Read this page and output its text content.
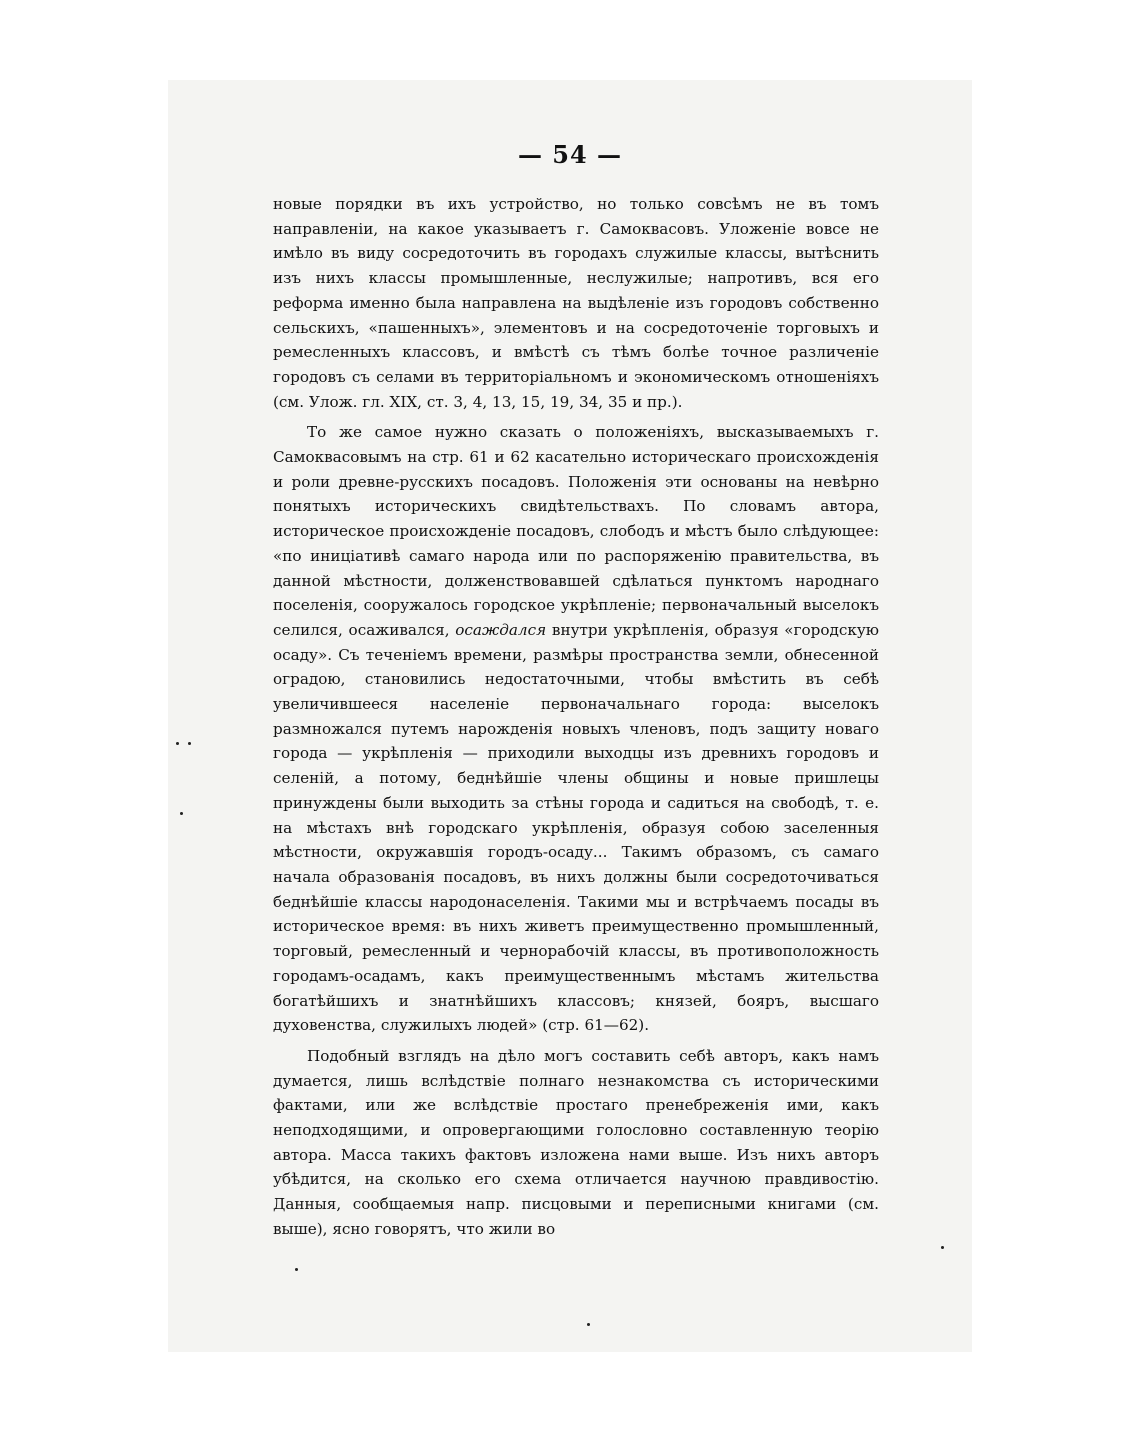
— 54 —

новые порядки въ ихъ устройство, но только совсѣмъ не въ томъ направленіи, на какое указываетъ г. Самоквасовъ. Уложеніе вовсе не имѣло въ виду сосредоточить въ городахъ служилые классы, вытѣснить изъ нихъ классы промышленные, неслужилые; напротивъ, вся его реформа именно была направлена на выдѣленіе изъ городовъ собственно сельскихъ, «пашенныхъ», элементовъ и на сосредоточеніе торговыхъ и ремесленныхъ классовъ, и вмѣстѣ съ тѣмъ болѣе точное различеніе городовъ съ селами въ территоріальномъ и экономическомъ отношеніяхъ (см. Улож. гл. XIX, ст. 3, 4, 13, 15, 19, 34, 35 и пр.).

То же самое нужно сказать о положеніяхъ, высказываемыхъ г. Самоквасовымъ на стр. 61 и 62 касательно историческаго происхожденія и роли древне-русскихъ посадовъ. Положенія эти основаны на невѣрно понятыхъ историческихъ свидѣтельствахъ. По словамъ автора, историческое происхожденіе посадовъ, слободъ и мѣстъ было слѣдующее: «по иниціативѣ самаго народа или по распоряженію правительства, въ данной мѣстности, долженствовавшей сдѣлаться пунктомъ народнаго поселенія, сооружалось городское укрѣпленіе; первоначальный выселокъ селился, осаживался, осаждался внутри укрѣпленія, образуя «городскую осаду». Съ теченіемъ времени, размѣры пространства земли, обнесенной оградою, становились недостаточными, чтобы вмѣстить въ себѣ увеличившееся населеніе первоначальнаго города: выселокъ размножался путемъ нарожденія новыхъ членовъ, подъ защиту новаго города — укрѣпленія — приходили выходцы изъ древнихъ городовъ и селеній, а потому, беднѣйшіе члены общины и новые пришлецы принуждены были выходить за стѣны города и садиться на свободѣ, т. е. на мѣстахъ внѣ городскаго укрѣпленія, образуя собою заселенныя мѣстности, окружавшія городъ-осаду... Такимъ образомъ, съ самаго начала образованія посадовъ, въ нихъ должны были сосредоточиваться беднѣйшіе классы народонаселенія. Такими мы и встрѣчаемъ посады въ историческое время: въ нихъ живетъ преимущественно промышленный, торговый, ремесленный и чернорабочій классы, въ противоположность городамъ-осадамъ, какъ преимущественнымъ мѣстамъ жительства богатѣйшихъ и знатнѣйшихъ классовъ; князей, бояръ, высшаго духовенства, служилыхъ людей» (стр. 61—62).

Подобный взглядъ на дѣло могъ составить себѣ авторъ, какъ намъ думается, лишь вслѣдствіе полнаго незнакомства съ историческими фактами, или же вслѣдствіе простаго пренебреженія ими, какъ неподходящими, и опровергающими голословно составленную теорію автора. Масса такихъ фактовъ изложена нами выше. Изъ нихъ авторъ убѣдится, на сколько его схема отличается научною правдивостію. Данныя, сообщаемыя напр. писцовыми и переписными книгами (см. выше), ясно говорятъ, что жили во
